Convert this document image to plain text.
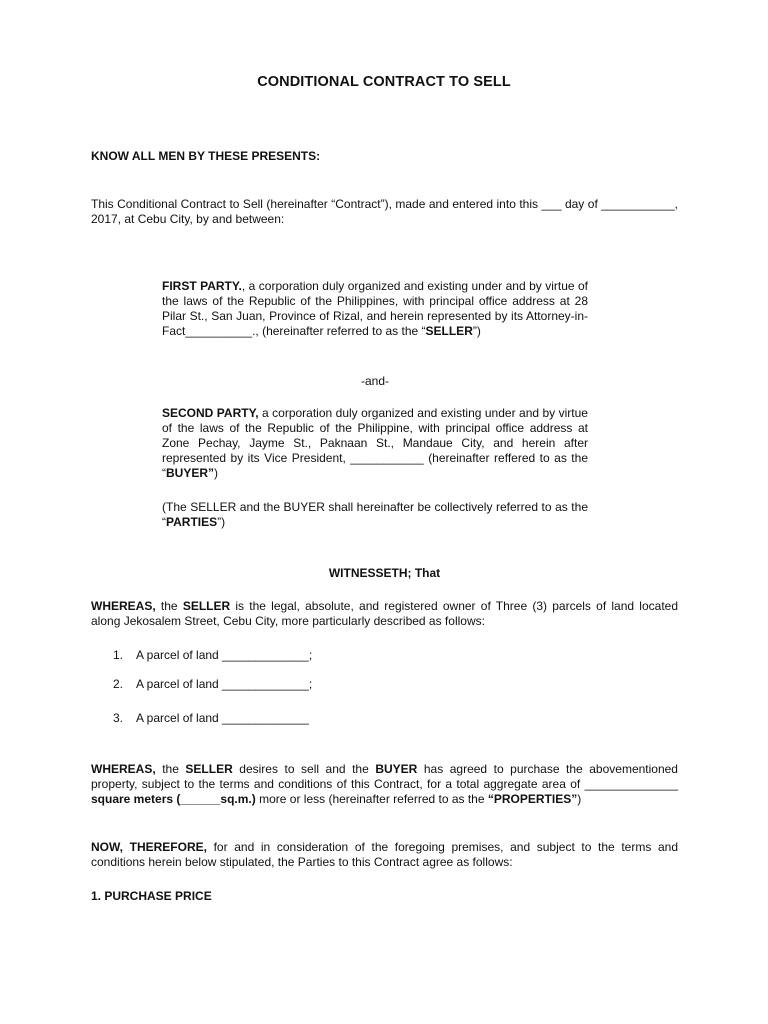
CONDITIONAL CONTRACT TO SELL

KNOW ALL MEN BY THESE PRESENTS:

This Conditional Contract to Sell (hereinafter “Contract”), made and entered into this ___ day of ___________, 2017, at Cebu City, by and between:

FIRST PARTY., a corporation duly organized and existing under and by virtue of the laws of the Republic of the Philippines, with principal office address at 28 Pilar St., San Juan, Province of Rizal, and herein represented by its Attorney-in-Fact__________., (hereinafter referred to as the “SELLER”)

-and-

SECOND PARTY, a corporation duly organized and existing under and by virtue of the laws of the Republic of the Philippine, with principal office address at Zone Pechay, Jayme St., Paknaan St., Mandaue City, and herein after represented by its Vice President, ___________ (hereinafter reffered to as the “BUYER”)

(The SELLER and the BUYER shall hereinafter be collectively referred to as the “PARTIES”)

WITNESSETH; That

WHEREAS, the SELLER is the legal, absolute, and registered owner of Three (3) parcels of land located along Jekosalem Street, Cebu City, more particularly described as follows:

1. A parcel of land _____________;
2. A parcel of land _____________;
3. A parcel of land _____________

WHEREAS, the SELLER desires to sell and the BUYER has agreed to purchase the abovementioned property, subject to the terms and conditions of this Contract, for a total aggregate area of ______________ square meters (______sq.m.) more or less (hereinafter referred to as the “PROPERTIES”)

NOW, THEREFORE, for and in consideration of the foregoing premises, and subject to the terms and conditions herein below stipulated, the Parties to this Contract agree as follows:

1. PURCHASE PRICE
